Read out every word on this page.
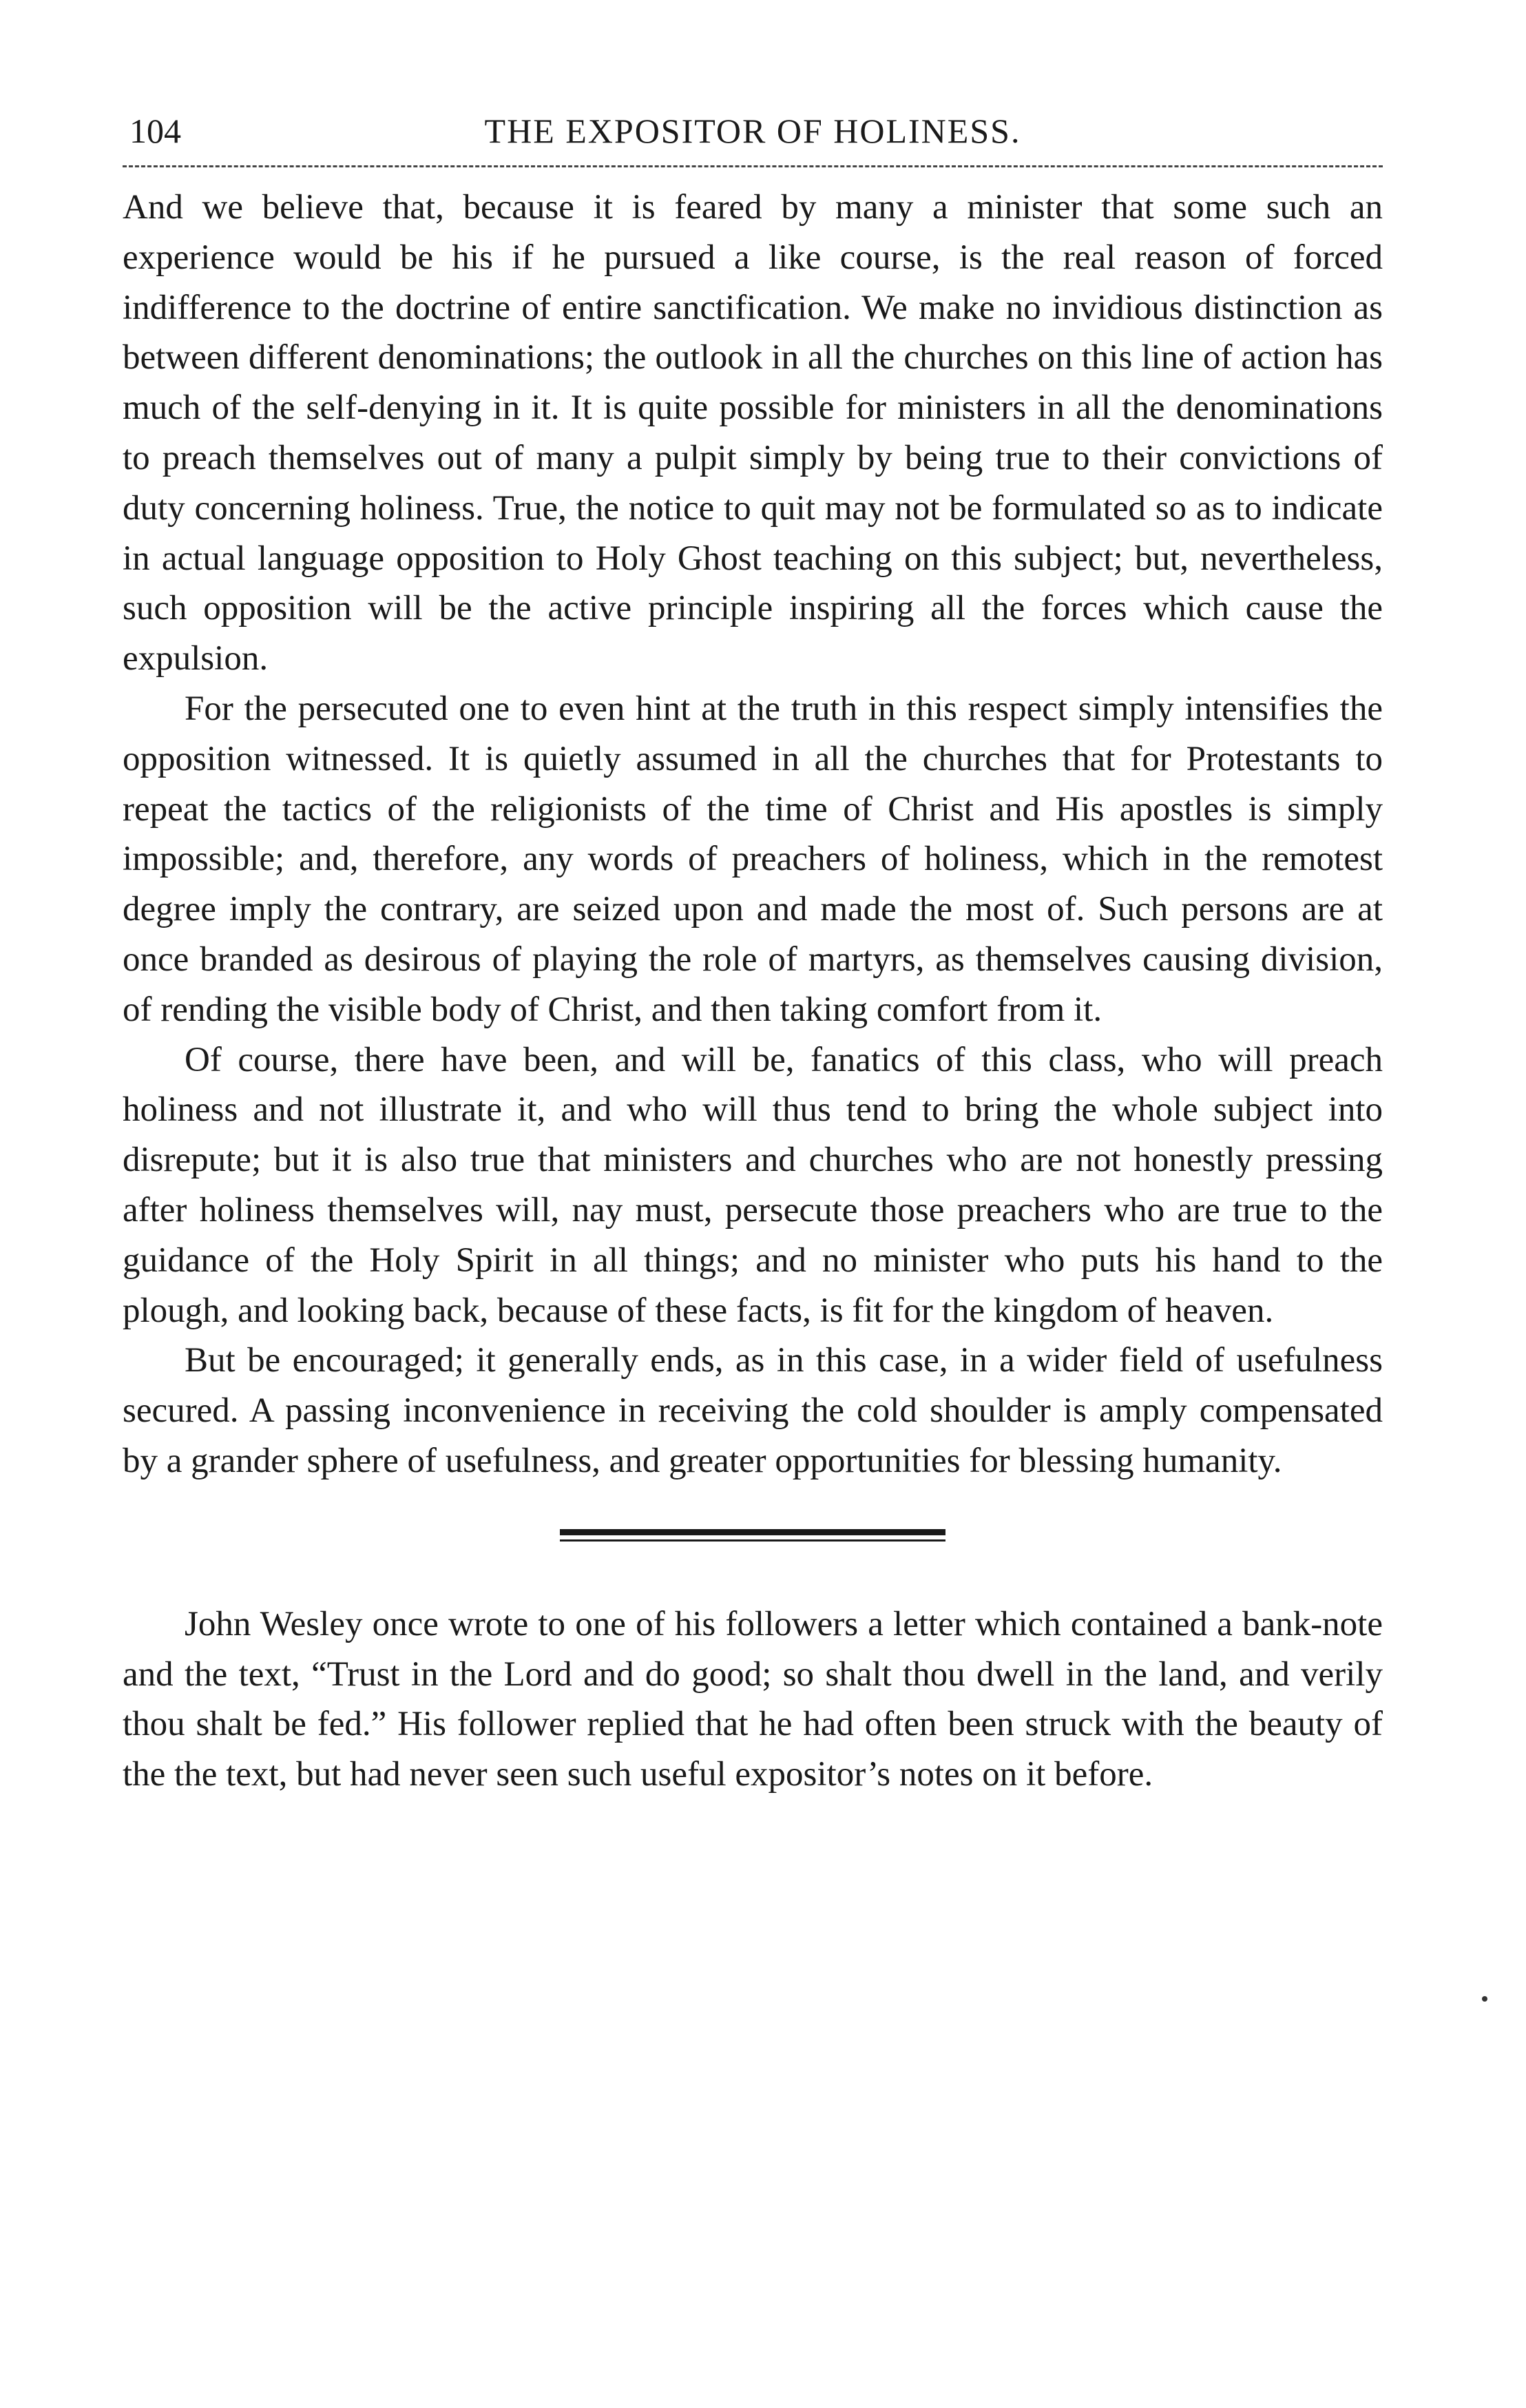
104	THE EXPOSITOR OF HOLINESS.

And we believe that, because it is feared by many a minister that some such an experience would be his if he pursued a like course, is the real reason of forced indifference to the doctrine of entire sanctification. We make no invidious distinction as between different denominations; the outlook in all the churches on this line of action has much of the self-denying in it. It is quite possible for ministers in all the denominations to preach themselves out of many a pulpit simply by being true to their convictions of duty concerning holiness. True, the notice to quit may not be formulated so as to indicate in actual language opposition to Holy Ghost teaching on this subject; but, nevertheless, such opposition will be the active principle inspiring all the forces which cause the expulsion.

For the persecuted one to even hint at the truth in this respect simply intensifies the opposition witnessed. It is quietly assumed in all the churches that for Protestants to repeat the tactics of the religionists of the time of Christ and His apostles is simply impossible; and, therefore, any words of preachers of holiness, which in the remotest degree imply the contrary, are seized upon and made the most of. Such persons are at once branded as desirous of playing the role of martyrs, as themselves causing division, of rending the visible body of Christ, and then taking comfort from it.

Of course, there have been, and will be, fanatics of this class, who will preach holiness and not illustrate it, and who will thus tend to bring the whole subject into disrepute; but it is also true that ministers and churches who are not honestly pressing after holiness themselves will, nay must, persecute those preachers who are true to the guidance of the Holy Spirit in all things; and no minister who puts his hand to the plough, and looking back, because of these facts, is fit for the kingdom of heaven.

But be encouraged; it generally ends, as in this case, in a wider field of usefulness secured. A passing inconvenience in receiving the cold shoulder is amply compensated by a grander sphere of usefulness, and greater opportunities for blessing humanity.

John Wesley once wrote to one of his followers a letter which contained a bank-note and the text, “Trust in the Lord and do good; so shalt thou dwell in the land, and verily thou shalt be fed.” His follower replied that he had often been struck with the beauty of the the text, but had never seen such useful expositor’s notes on it before.
